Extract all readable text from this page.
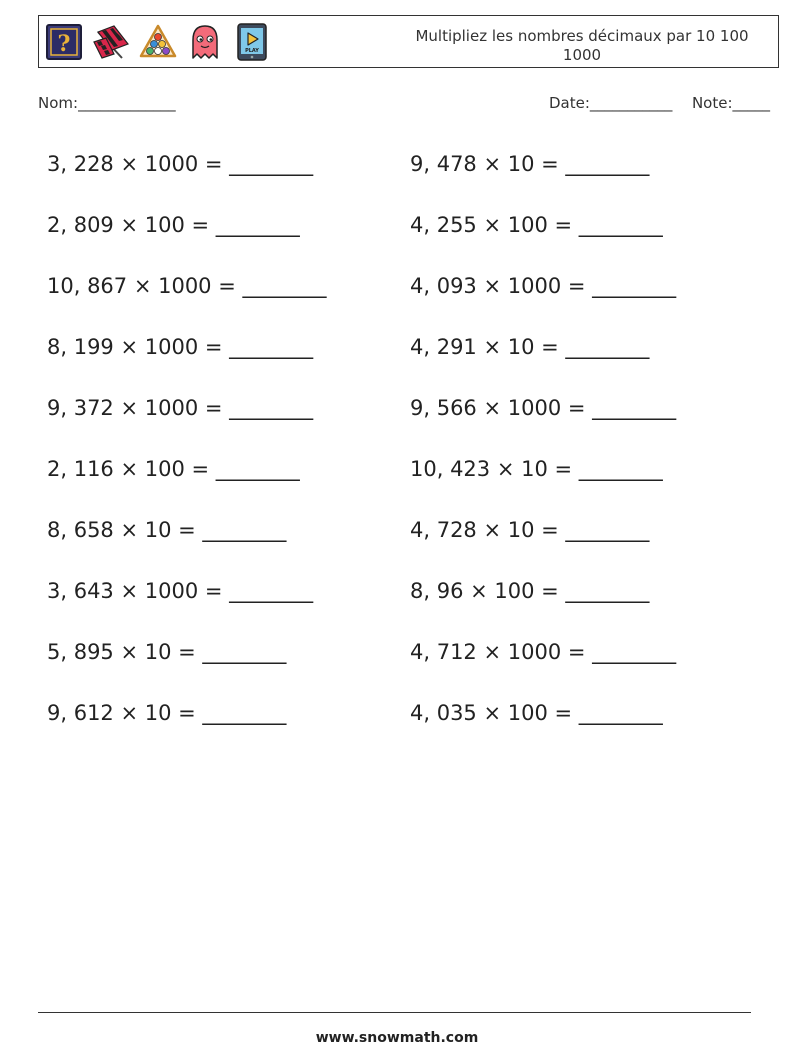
?	PLAY
Multipliez les nombres décimaux par 10 100 1000
Nom:_____________	Date:___________ Note:_____
3, 228 × 1000 = ________	9, 478 × 10 = ________
2, 809 × 100 = ________	4, 255 × 100 = ________
10, 867 × 1000 = ________	4, 093 × 1000 = ________
8, 199 × 1000 = ________	4, 291 × 10 = ________
9, 372 × 1000 = ________	9, 566 × 1000 = ________
2, 116 × 100 = ________	10, 423 × 10 = ________
8, 658 × 10 = ________	4, 728 × 10 = ________
3, 643 × 1000 = ________	8, 96 × 100 = ________
5, 895 × 10 = ________	4, 712 × 1000 = ________
9, 612 × 10 = ________	4, 035 × 100 = ________
www.snowmath.com
